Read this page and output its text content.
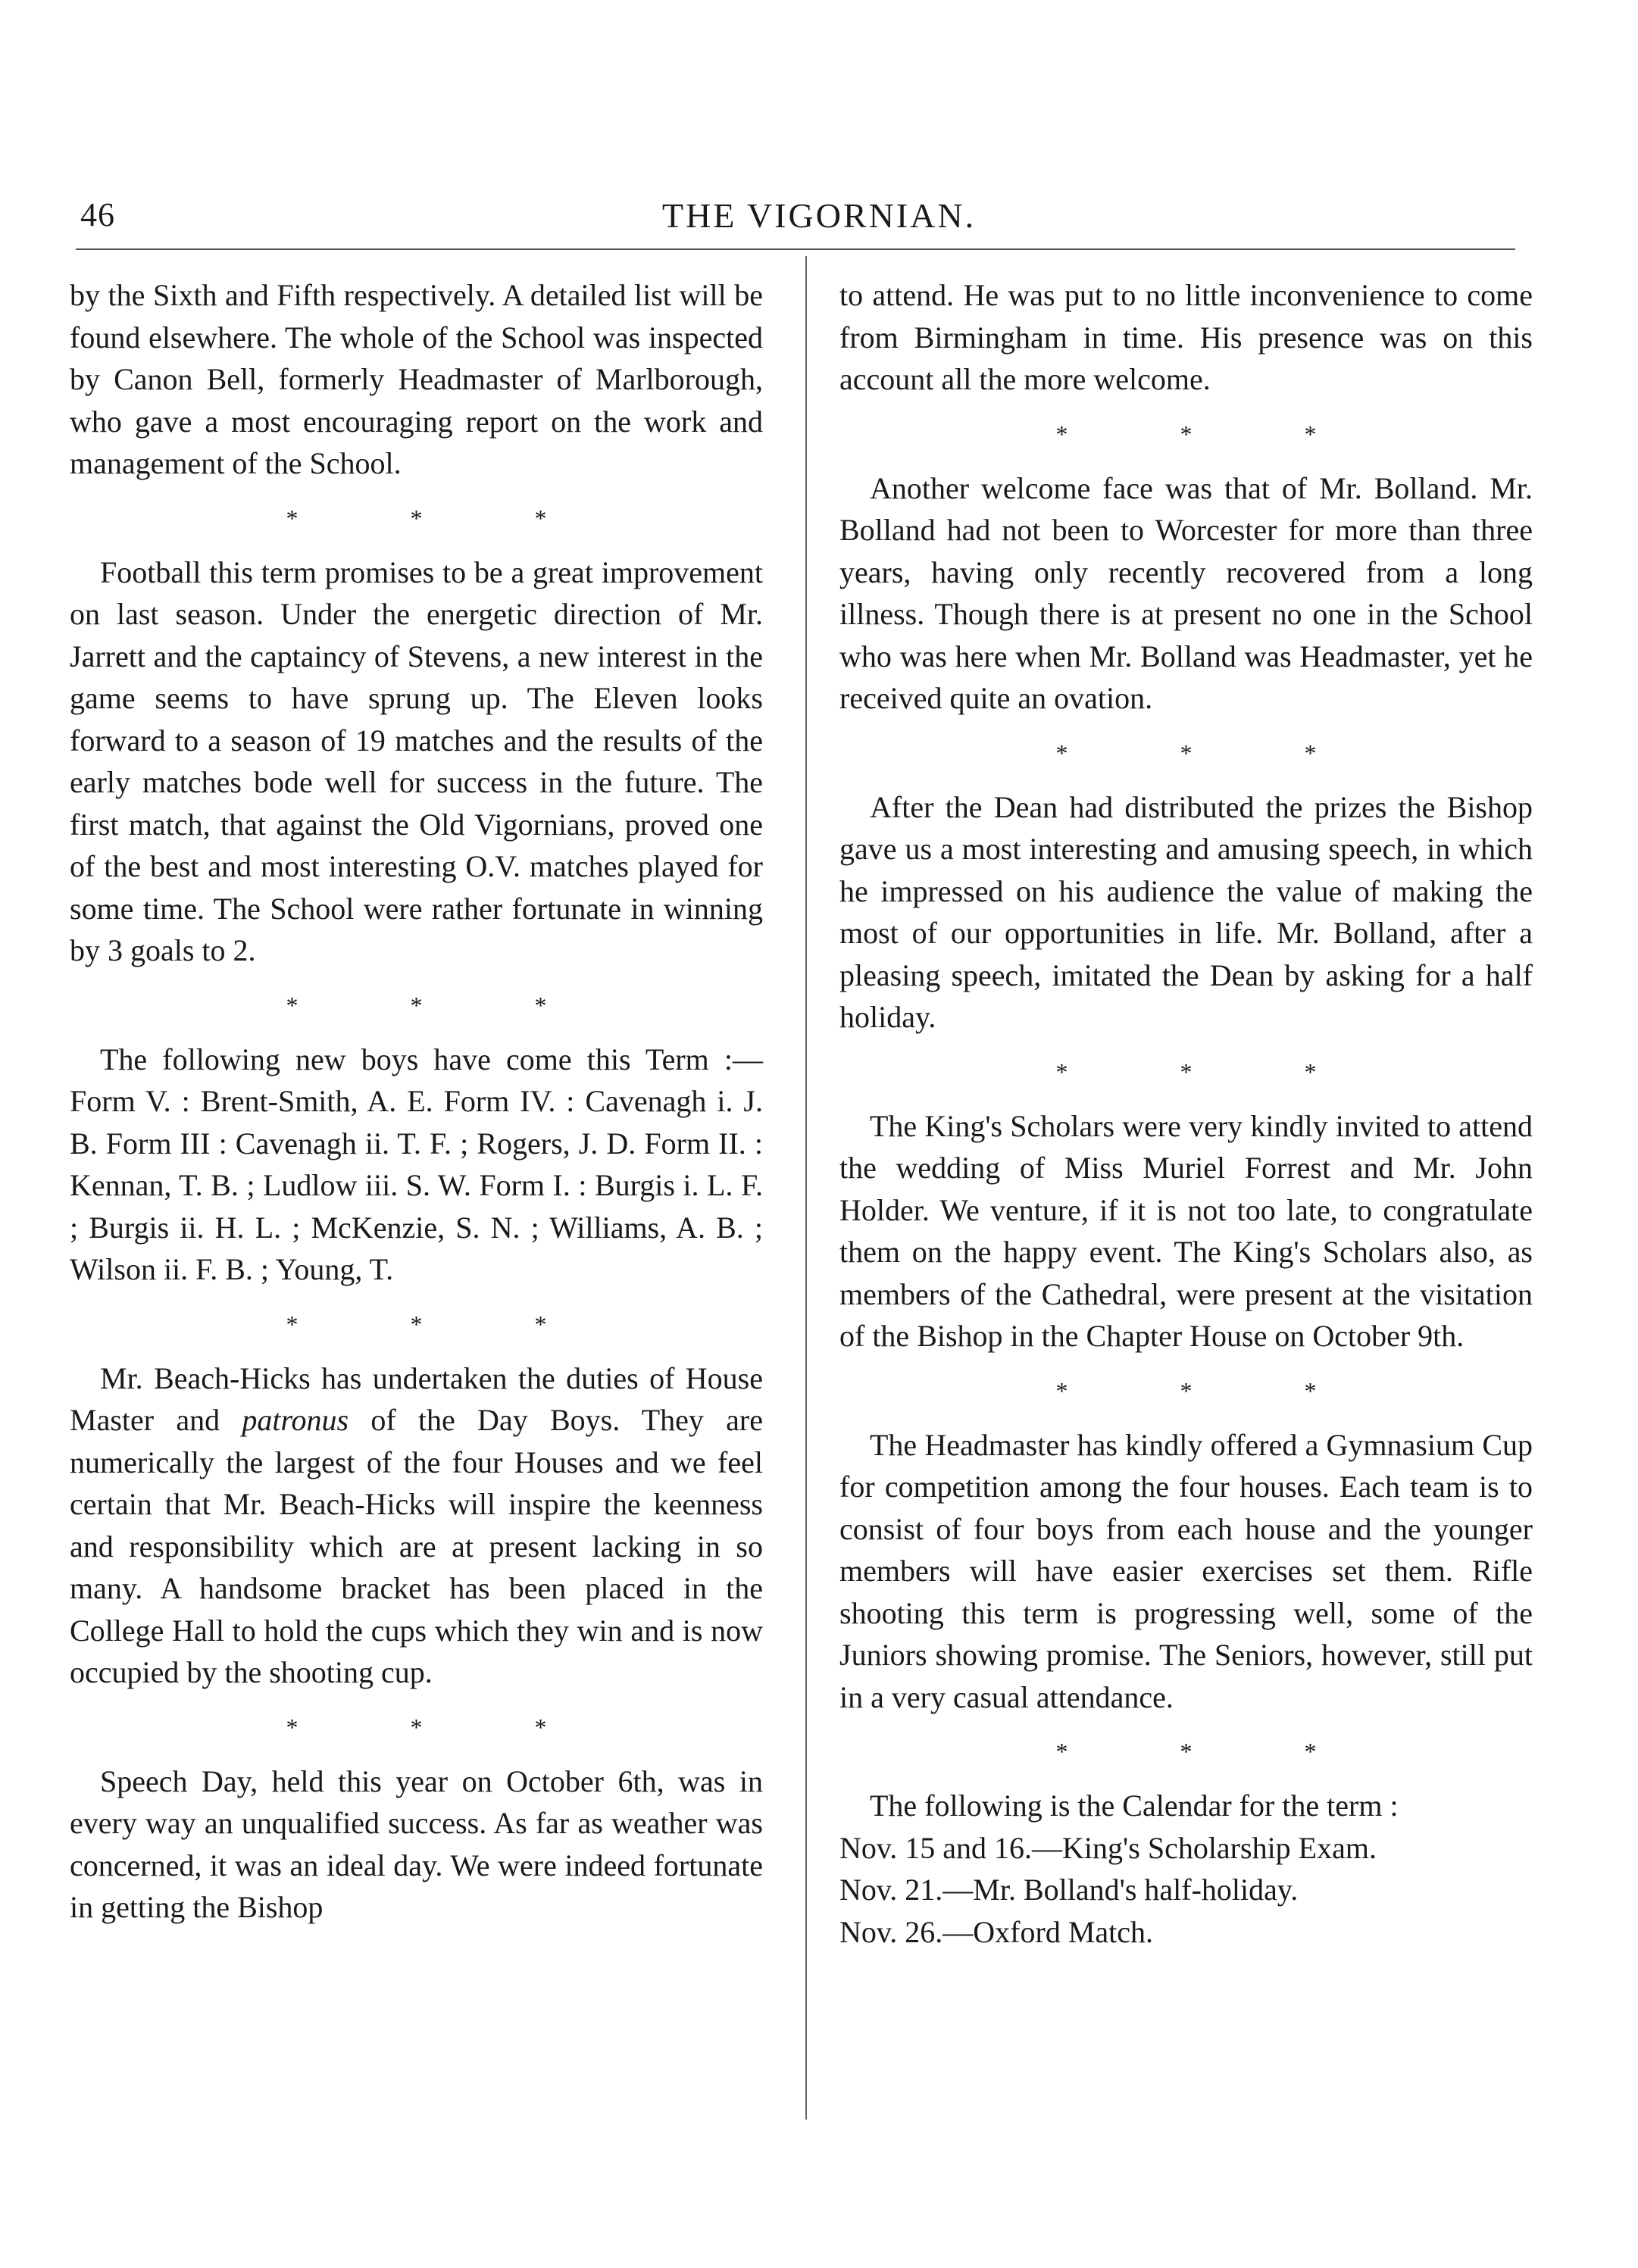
46	THE VIGORNIAN.

by the Sixth and Fifth respectively. A detailed list will be found elsewhere. The whole of the School was inspected by Canon Bell, formerly Headmaster of Marlborough, who gave a most encouraging report on the work and management of the School.

* * *

Football this term promises to be a great improvement on last season. Under the energetic direction of Mr. Jarrett and the captaincy of Stevens, a new interest in the game seems to have sprung up. The Eleven looks forward to a season of 19 matches and the results of the early matches bode well for success in the future. The first match, that against the Old Vigornians, proved one of the best and most interesting O.V. matches played for some time. The School were rather fortunate in winning by 3 goals to 2.

* * *

The following new boys have come this Term :—Form V. : Brent-Smith, A. E. Form IV. : Cavenagh i. J. B. Form III : Cavenagh ii. T. F. ; Rogers, J. D. Form II. : Kennan, T. B. ; Ludlow iii. S. W. Form I. : Burgis i. L. F. ; Burgis ii. H. L. ; McKenzie, S. N. ; Williams, A. B. ; Wilson ii. F. B. ; Young, T.

* * *

Mr. Beach-Hicks has undertaken the duties of House Master and patronus of the Day Boys. They are numerically the largest of the four Houses and we feel certain that Mr. Beach-Hicks will inspire the keenness and responsibility which are at present lacking in so many. A handsome bracket has been placed in the College Hall to hold the cups which they win and is now occupied by the shooting cup.

* * *

Speech Day, held this year on October 6th, was in every way an unqualified success. As far as weather was concerned, it was an ideal day. We were indeed fortunate in getting the Bishop

to attend. He was put to no little inconvenience to come from Birmingham in time. His presence was on this account all the more welcome.

* * *

Another welcome face was that of Mr. Bolland. Mr. Bolland had not been to Worcester for more than three years, having only recently recovered from a long illness. Though there is at present no one in the School who was here when Mr. Bolland was Headmaster, yet he received quite an ovation.

* * *

After the Dean had distributed the prizes the Bishop gave us a most interesting and amusing speech, in which he impressed on his audience the value of making the most of our opportunities in life. Mr. Bolland, after a pleasing speech, imitated the Dean by asking for a half holiday.

* * *

The King's Scholars were very kindly invited to attend the wedding of Miss Muriel Forrest and Mr. John Holder. We venture, if it is not too late, to congratulate them on the happy event. The King's Scholars also, as members of the Cathedral, were present at the visitation of the Bishop in the Chapter House on October 9th.

* * *

The Headmaster has kindly offered a Gymnasium Cup for competition among the four houses. Each team is to consist of four boys from each house and the younger members will have easier exercises set them. Rifle shooting this term is progressing well, some of the Juniors showing promise. The Seniors, however, still put in a very casual attendance.

* * *

The following is the Calendar for the term :

Nov. 15 and 16.—King's Scholarship Exam.

Nov. 21.—Mr. Bolland's half-holiday.

Nov. 26.—Oxford Match.
